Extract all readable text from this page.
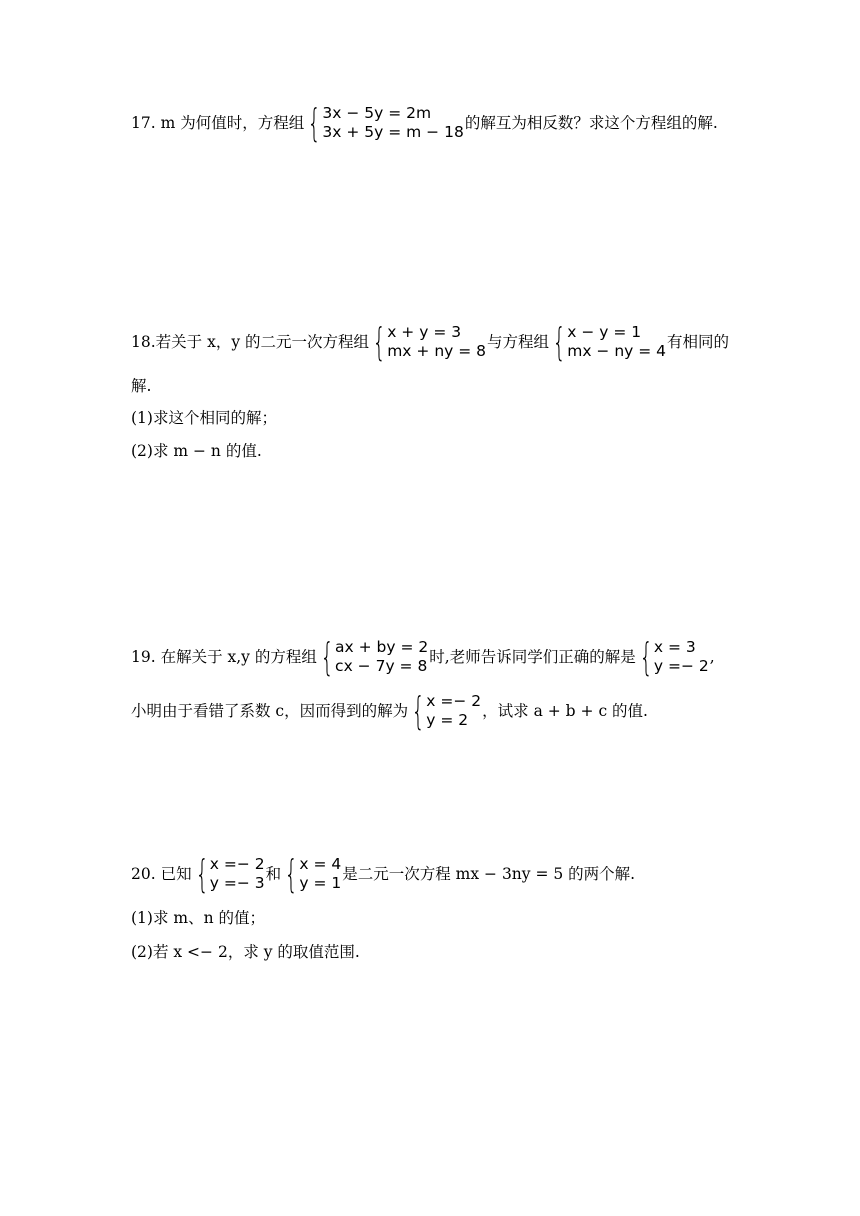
17. m 为何值时，方程组 { 3x − 5y = 2m
3x + 5y = m − 18 的解互为相反数？求这个方程组的解.
18.若关于 x，y 的二元一次方程组 { x + y = 3
mx + ny = 8 与方程组 { x − y = 1
mx − ny = 4 有相同的
解.
(1)求这个相同的解；
(2)求 m − n 的值.
19. 在解关于 x,y 的方程组 { ax + by = 2
cx − 7y = 8 时,老师告诉同学们正确的解是 { x = 3
y =− 2 ,
小明由于看错了系数 c，因而得到的解为 { x =− 2
y = 2 ，试求 a + b + c 的值.
20. 已知 { x =− 2
y =− 3 和 { x = 4
y = 1 是二元一次方程 mx − 3ny = 5 的两个解.
(1)求 m、n 的值；
(2)若 x <− 2，求 y 的取值范围.
